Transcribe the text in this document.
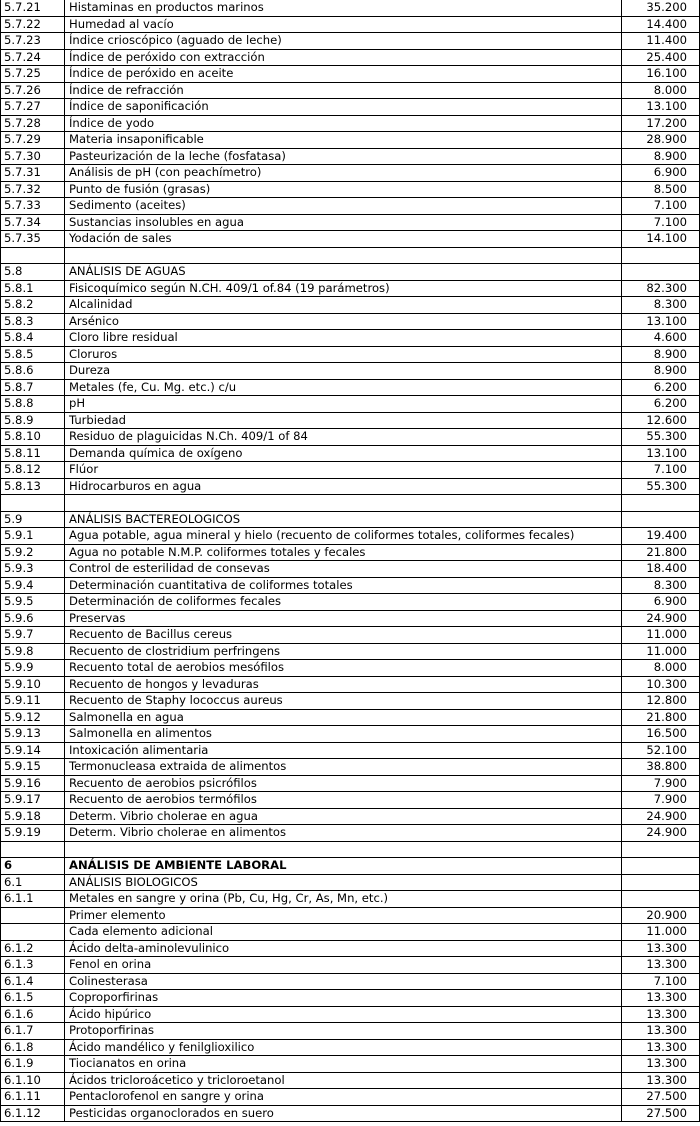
5.7.21	Histaminas en productos marinos	35.200
5.7.22	Humedad al vacío	14.400
5.7.23	Índice crioscópico (aguado de leche)	11.400
5.7.24	Índice de peróxido con extracción	25.400
5.7.25	Índice de peróxido en aceite	16.100
5.7.26	Índice de refracción	8.000
5.7.27	Índice de saponificación	13.100
5.7.28	Índice de yodo	17.200
5.7.29	Materia insaponificable	28.900
5.7.30	Pasteurización de la leche (fosfatasa)	8.900
5.7.31	Análisis de pH (con peachímetro)	6.900
5.7.32	Punto de fusión (grasas)	8.500
5.7.33	Sedimento (aceites)	7.100
5.7.34	Sustancias insolubles en agua	7.100
5.7.35	Yodación de sales	14.100

5.8	ANÁLISIS DE AGUAS	
5.8.1	Fisicoquímico según N.CH. 409/1 of.84 (19 parámetros)	82.300
5.8.2	Alcalinidad	8.300
5.8.3	Arsénico	13.100
5.8.4	Cloro libre residual	4.600
5.8.5	Cloruros	8.900
5.8.6	Dureza	8.900
5.8.7	Metales (fe, Cu. Mg. etc.) c/u	6.200
5.8.8	pH	6.200
5.8.9	Turbiedad	12.600
5.8.10	Residuo de plaguicidas N.Ch. 409/1 of 84	55.300
5.8.11	Demanda química de oxígeno	13.100
5.8.12	Flúor	7.100
5.8.13	Hidrocarburos en agua	55.300

5.9	ANÁLISIS BACTEREOLOGICOS	
5.9.1	Agua potable, agua mineral y hielo (recuento de coliformes totales, coliformes fecales)	19.400
5.9.2	Agua no potable N.M.P. coliformes totales y fecales	21.800
5.9.3	Control de esterilidad de consevas	18.400
5.9.4	Determinación cuantitativa de coliformes totales	8.300
5.9.5	Determinación de coliformes fecales	6.900
5.9.6	Preservas	24.900
5.9.7	Recuento de Bacillus cereus	11.000
5.9.8	Recuento de clostridium perfringens	11.000
5.9.9	Recuento total de aerobios mesófilos	8.000
5.9.10	Recuento de hongos y levaduras	10.300
5.9.11	Recuento de Staphy lococcus aureus	12.800
5.9.12	Salmonella en agua	21.800
5.9.13	Salmonella en alimentos	16.500
5.9.14	Intoxicación alimentaria	52.100
5.9.15	Termonucleasa extraida de alimentos	38.800
5.9.16	Recuento de aerobios psicrófilos	7.900
5.9.17	Recuento de aerobios termófilos	7.900
5.9.18	Determ. Vibrio cholerae en agua	24.900
5.9.19	Determ. Vibrio cholerae en alimentos	24.900

6	ANÁLISIS DE AMBIENTE LABORAL	
6.1	ANÁLISIS BIOLOGICOS	
6.1.1	Metales en sangre y orina (Pb, Cu, Hg, Cr, As, Mn, etc.)	
	Primer elemento	20.900
	Cada elemento adicional	11.000
6.1.2	Ácido delta-aminolevulinico	13.300
6.1.3	Fenol en orina	13.300
6.1.4	Colinesterasa	7.100
6.1.5	Coproporfirinas	13.300
6.1.6	Ácido hipúrico	13.300
6.1.7	Protoporfirinas	13.300
6.1.8	Ácido mandélico y fenilglioxilico	13.300
6.1.9	Tiocianatos en orina	13.300
6.1.10	Ácidos tricloroácetico y tricloroetanol	13.300
6.1.11	Pentaclorofenol en sangre y orina	27.500
6.1.12	Pesticidas organoclorados en suero	27.500
